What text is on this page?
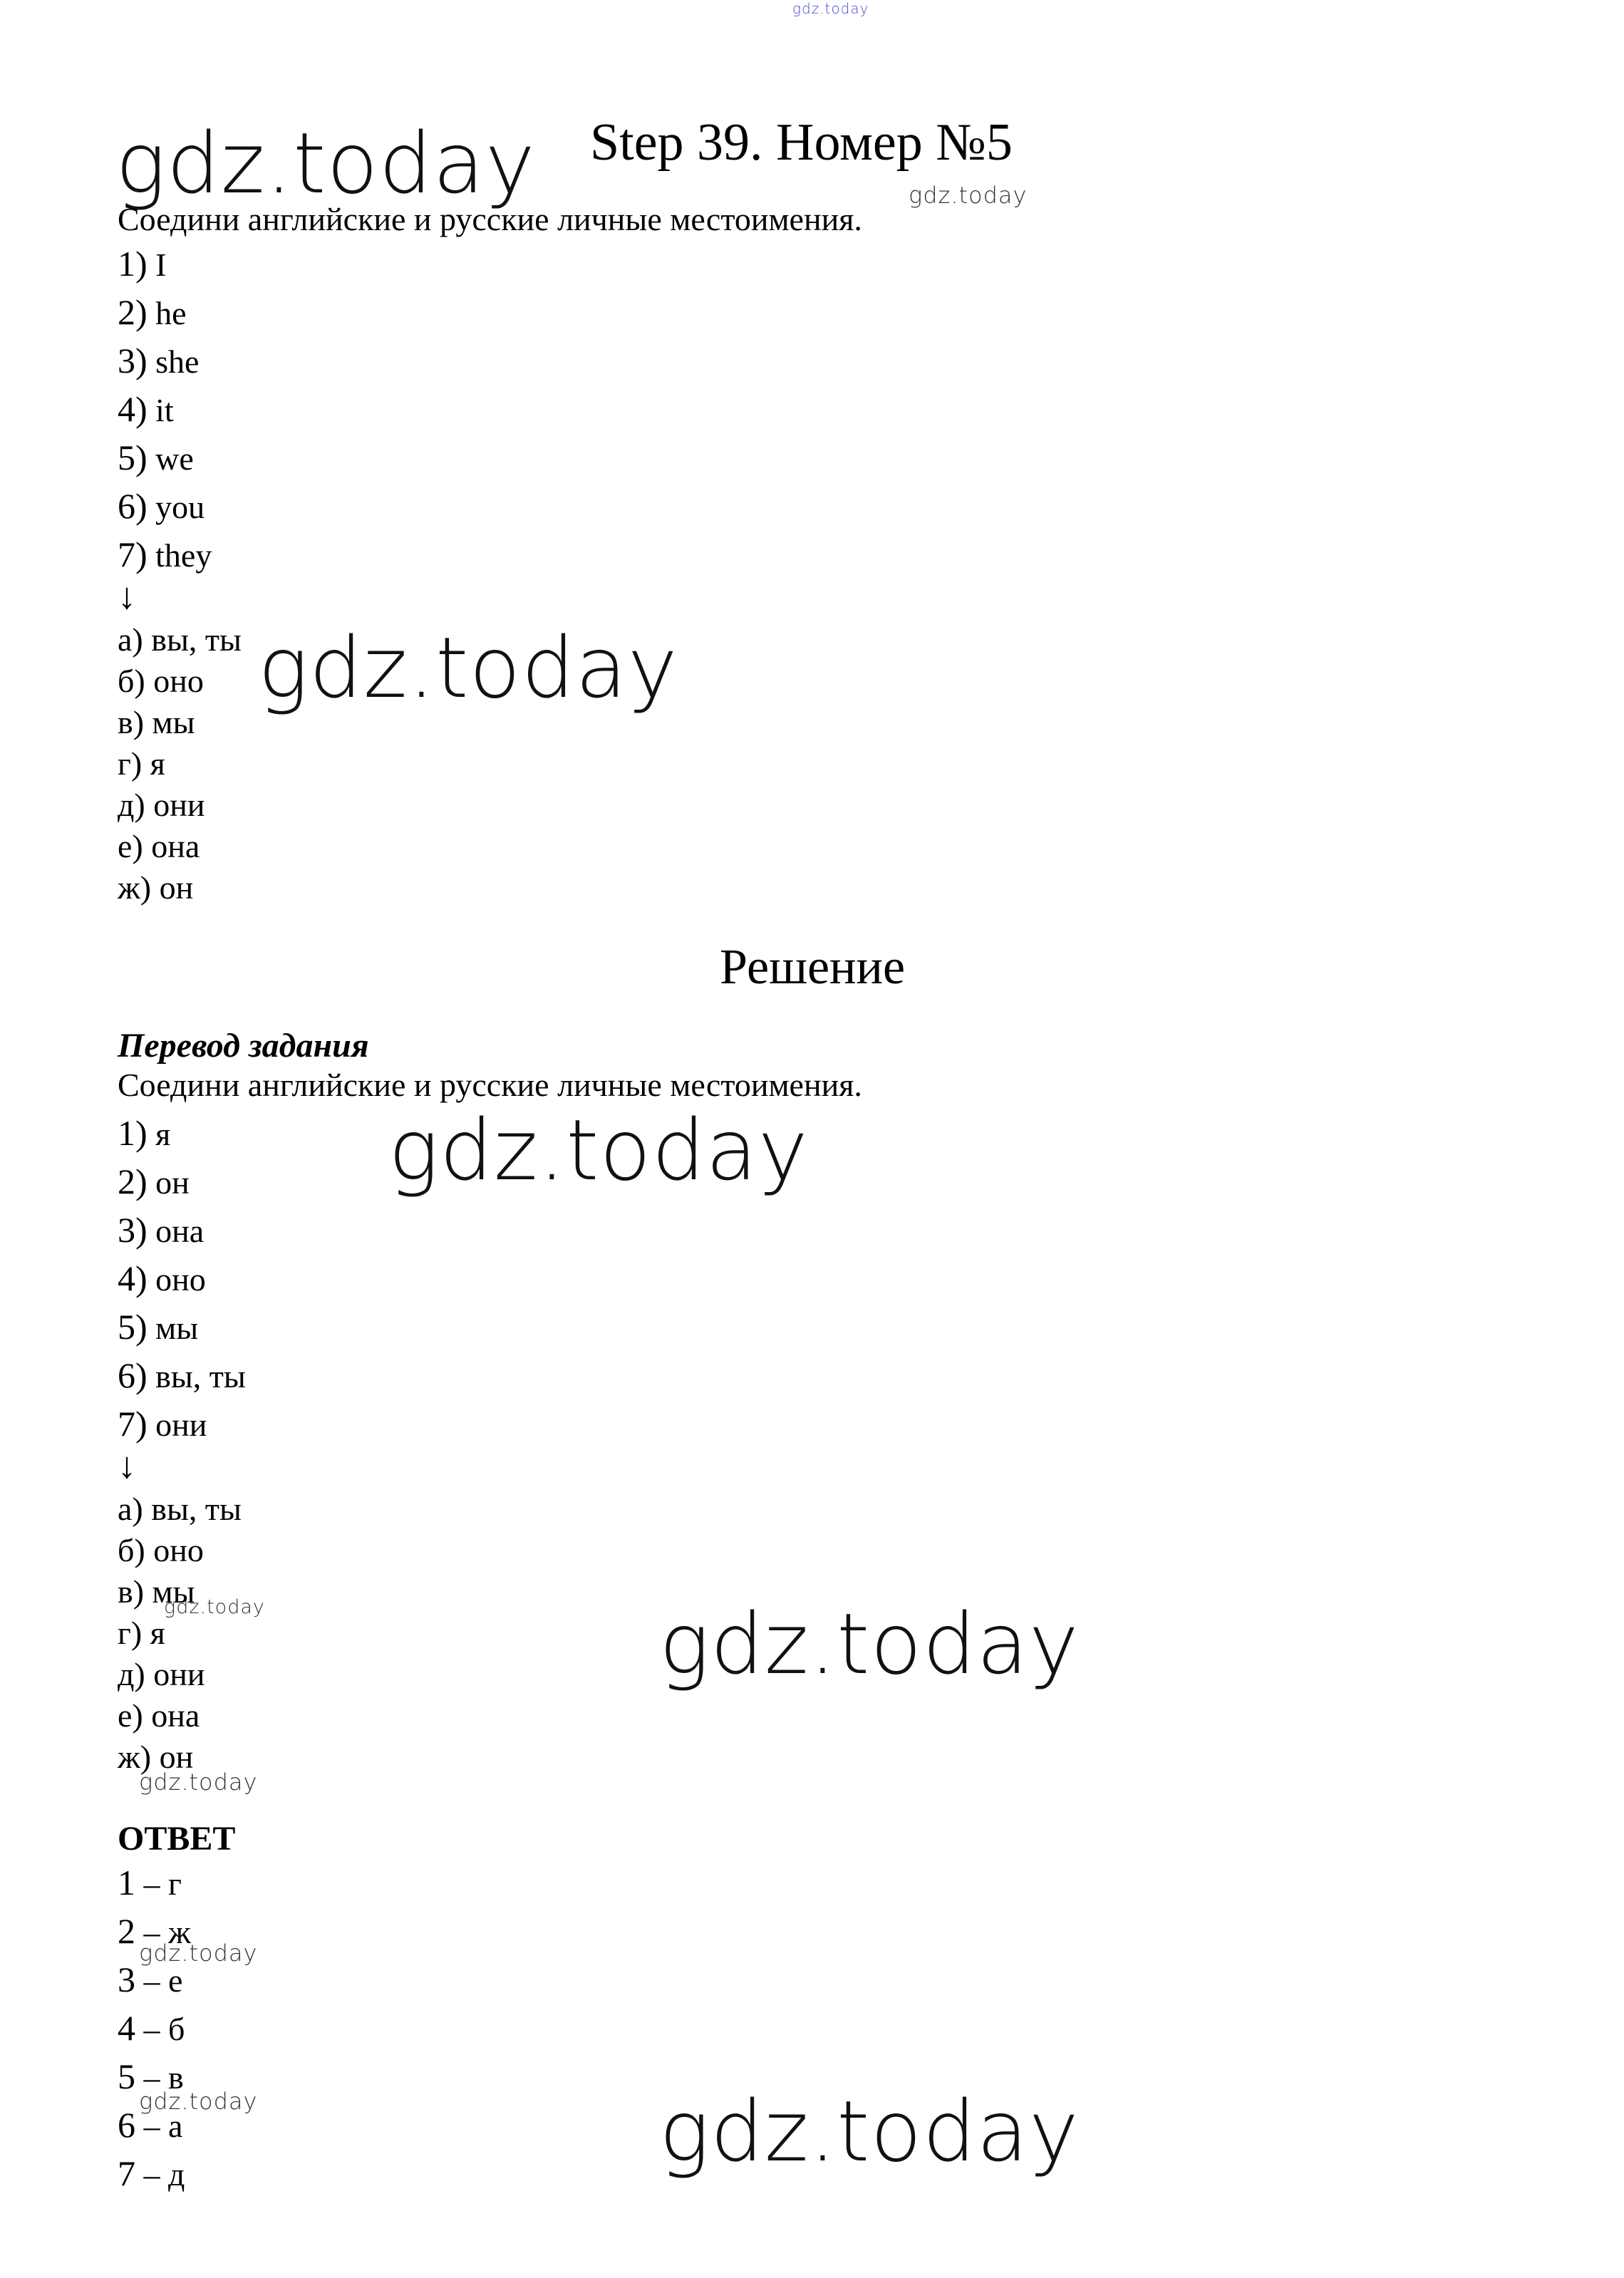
gdz.today
gdz.today	gdz.today
gdz.today
gdz.today
gdz.today	gdz.today
gdz.today
gdz.today
gdz.today	gdz.today
Step 39. Номер №5
Соедини английские и русские личные местоимения.
1) I
2) he
3) she
4) it
5) we
6) you
7) they
↓
а) вы, ты
б) оно
в) мы
г) я
д) они
е) она
ж) он
Решение
Перевод задания
Соедини английские и русские личные местоимения.
1) я
2) он
3) она
4) оно
5) мы
6) вы, ты
7) они
↓
а) вы, ты
б) оно
в) мы
г) я
д) они
е) она
ж) он
ОТВЕТ
1 – г
2 – ж
3 – е
4 – б
5 – в
6 – а
7 – д
